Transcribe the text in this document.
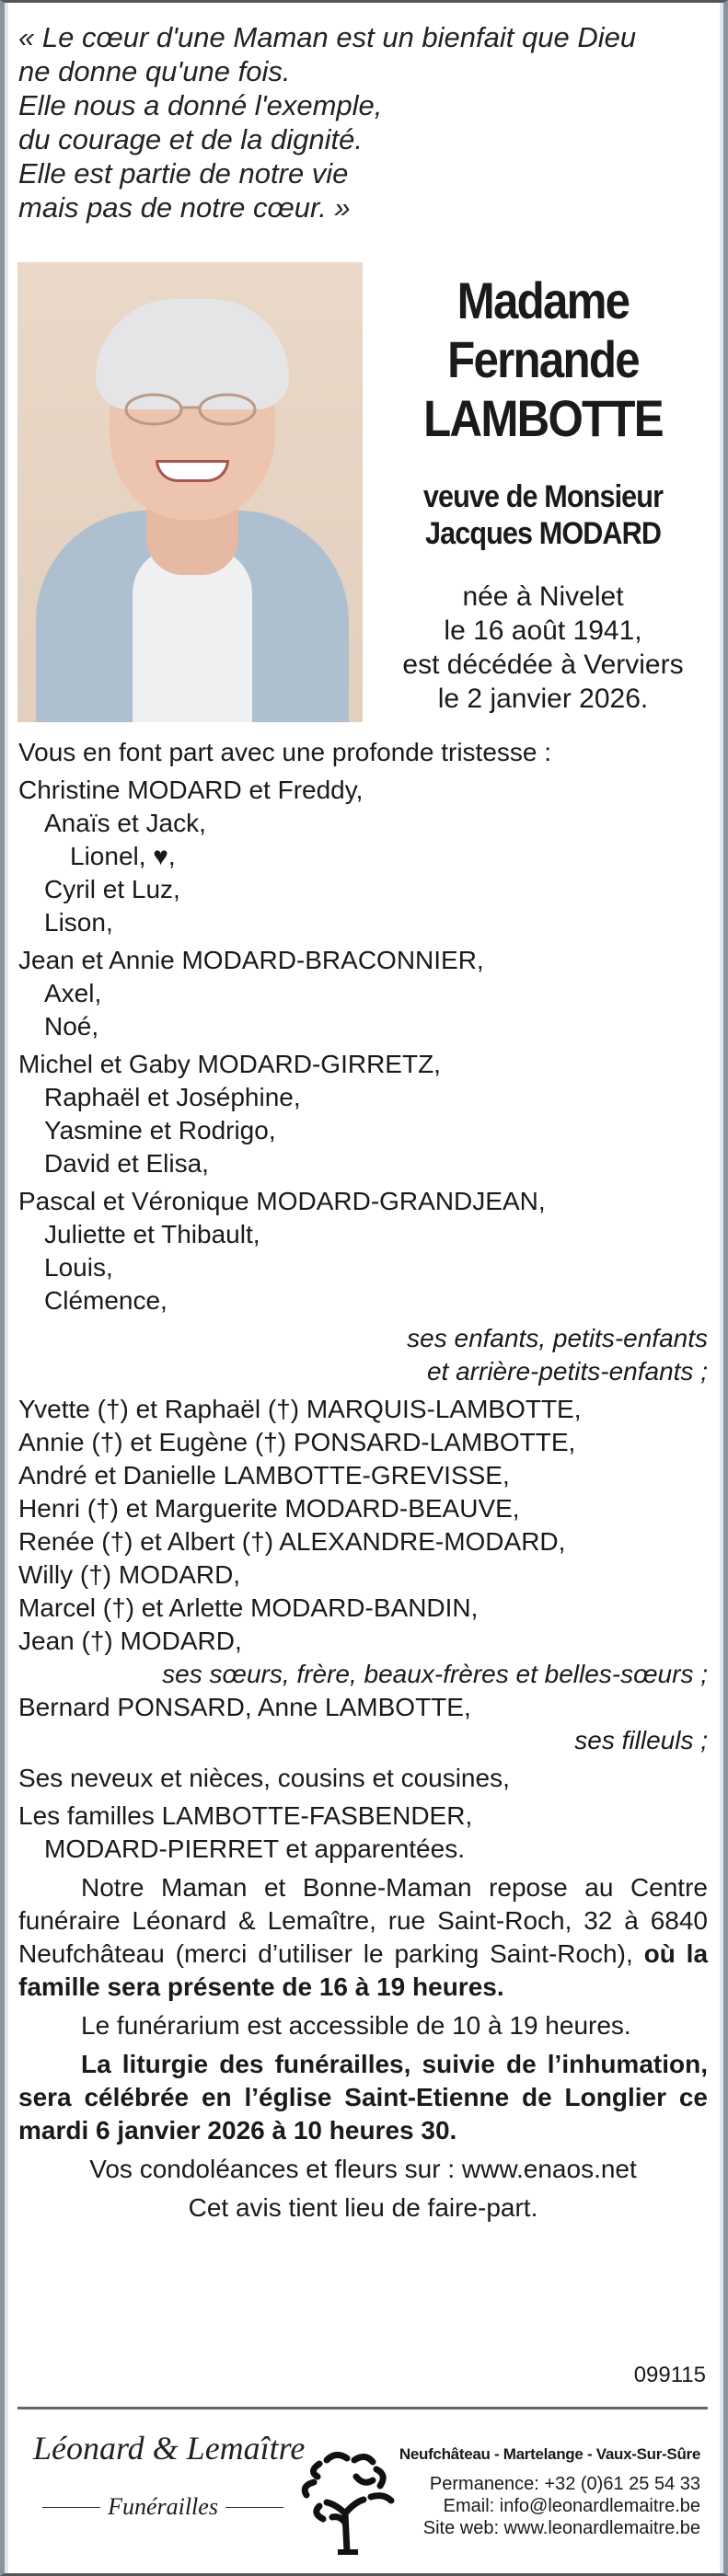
« Le cœur d'une Maman est un bienfait que Dieu
ne donne qu'une fois.
Elle nous a donné l'exemple,
du courage et de la dignité.
Elle est partie de notre vie
mais pas de notre cœur. »
Madame
Fernande
LAMBOTTE
veuve de Monsieur
Jacques MODARD
née à Nivelet
le 16 août 1941,
est décédée à Verviers
le 2 janvier 2026.
Vous en font part avec une profonde tristesse :
Christine MODARD et Freddy,
Anaïs et Jack,
Lionel, ♥,
Cyril et Luz,
Lison,
Jean et Annie MODARD-BRACONNIER,
Axel,
Noé,
Michel et Gaby MODARD-GIRRETZ,
Raphaël et Joséphine,
Yasmine et Rodrigo,
David et Elisa,
Pascal et Véronique MODARD-GRANDJEAN,
Juliette et Thibault,
Louis,
Clémence,
ses enfants, petits-enfants
et arrière-petits-enfants ;
Yvette (†) et Raphaël (†) MARQUIS-LAMBOTTE,
Annie (†) et Eugène (†) PONSARD-LAMBOTTE,
André et Danielle LAMBOTTE-GREVISSE,
Henri (†) et Marguerite MODARD-BEAUVE,
Renée (†) et Albert (†) ALEXANDRE-MODARD,
Willy (†) MODARD,
Marcel (†) et Arlette MODARD-BANDIN,
Jean (†) MODARD,
ses sœurs, frère, beaux-frères et belles-sœurs ;
Bernard PONSARD, Anne LAMBOTTE,
ses filleuls ;
Ses neveux et nièces, cousins et cousines,
Les familles LAMBOTTE-FASBENDER,
MODARD-PIERRET et apparentées.
Notre Maman et Bonne-Maman repose au Centre funéraire Léonard & Lemaître, rue Saint-Roch, 32 à 6840 Neufchâteau (merci d’utiliser le parking Saint-Roch), où la famille sera présente de 16 à 19 heures.
Le funérarium est accessible de 10 à 19 heures.
La liturgie des funérailles, suivie de l’inhumation, sera célébrée en l’église Saint-Etienne de Longlier ce mardi 6 janvier 2026 à 10 heures 30.
Vos condoléances et fleurs sur : www.enaos.net
Cet avis tient lieu de faire-part.
099115
Léonard & Lemaître
Funérailles
Neufchâteau - Martelange - Vaux-Sur-Sûre
Permanence: +32 (0)61 25 54 33
Email: info@leonardlemaitre.be
Site web: www.leonardlemaitre.be
